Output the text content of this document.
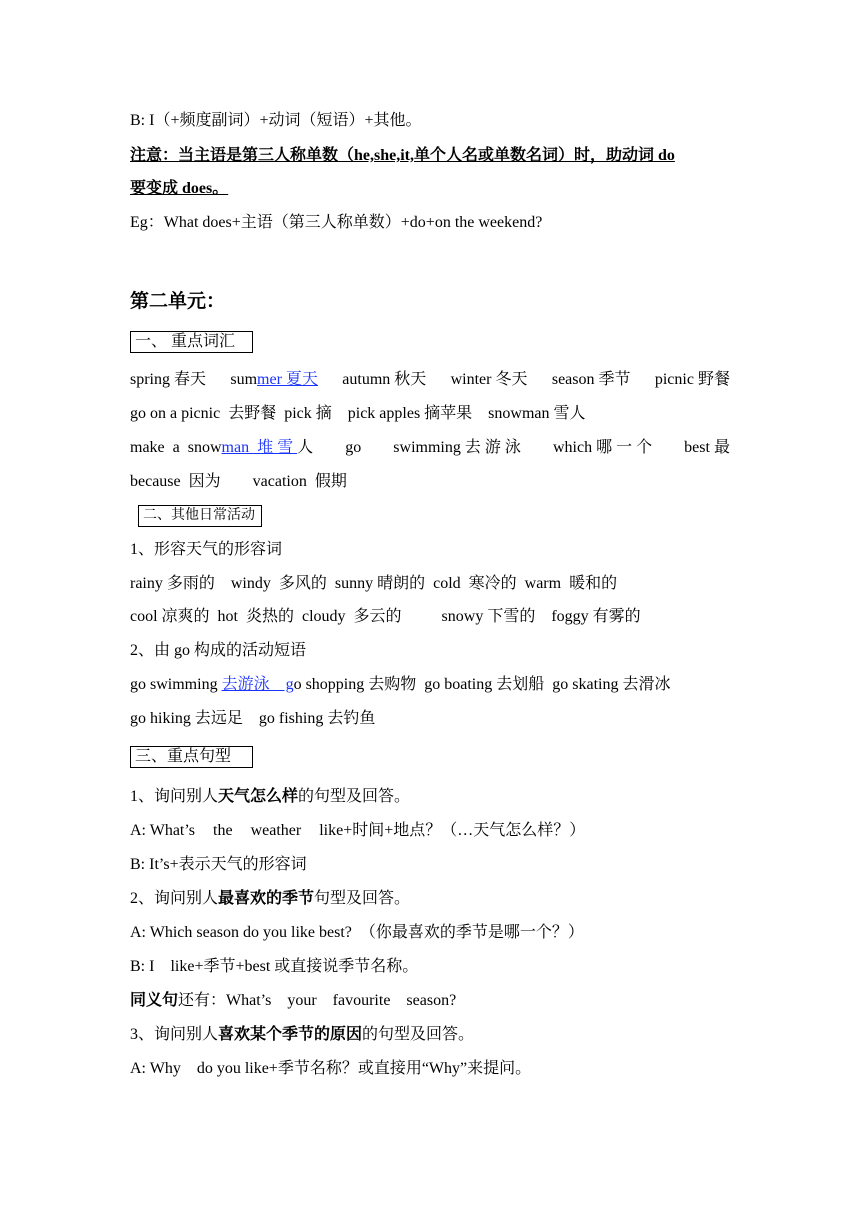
B: I（+频度副词）+动词（短语）+其他。
注意：当主语是第三人称单数（he,she,it,单个人名或单数名词）时，助动词 do
要变成 does。
Eg：What does+主语（第三人称单数）+do+on the weekend?
第二单元：
一、 重点词汇
spring 春天 summer 夏天 autumn 秋天 winter 冬天 season 季节 picnic 野餐
go on a picnic  去野餐  pick 摘    pick apples 摘苹果    snowman 雪人
make  a  snowman  堆 雪 人 go swimming 去 游 泳 which 哪 一 个 best 最
because  因为        vacation  假期
二、其他日常活动
1、形容天气的形容词
rainy 多雨的    windy  多风的  sunny 晴朗的  cold  寒冷的  warm  暖和的
cool 凉爽的  hot  炎热的  cloudy  多云的          snowy 下雪的    foggy 有雾的
2、由 go 构成的活动短语
go swimming 去游泳    go shopping 去购物  go boating 去划船  go skating 去滑冰
go hiking 去远足    go fishing 去钓鱼
三、重点句型
1、询问别人天气怎么样的句型及回答。
A: What’s the weather like+时间+地点？（…天气怎么样？）
B: It’s+表示天气的形容词
2、询问别人最喜欢的季节句型及回答。
A: Which season do you like best?  （你最喜欢的季节是哪一个？）
B: I    like+季节+best 或直接说季节名称。
同义句还有：What’s    your    favourite    season?
3、询问别人喜欢某个季节的原因的句型及回答。
A: Why    do you like+季节名称？或直接用“Why”来提问。
